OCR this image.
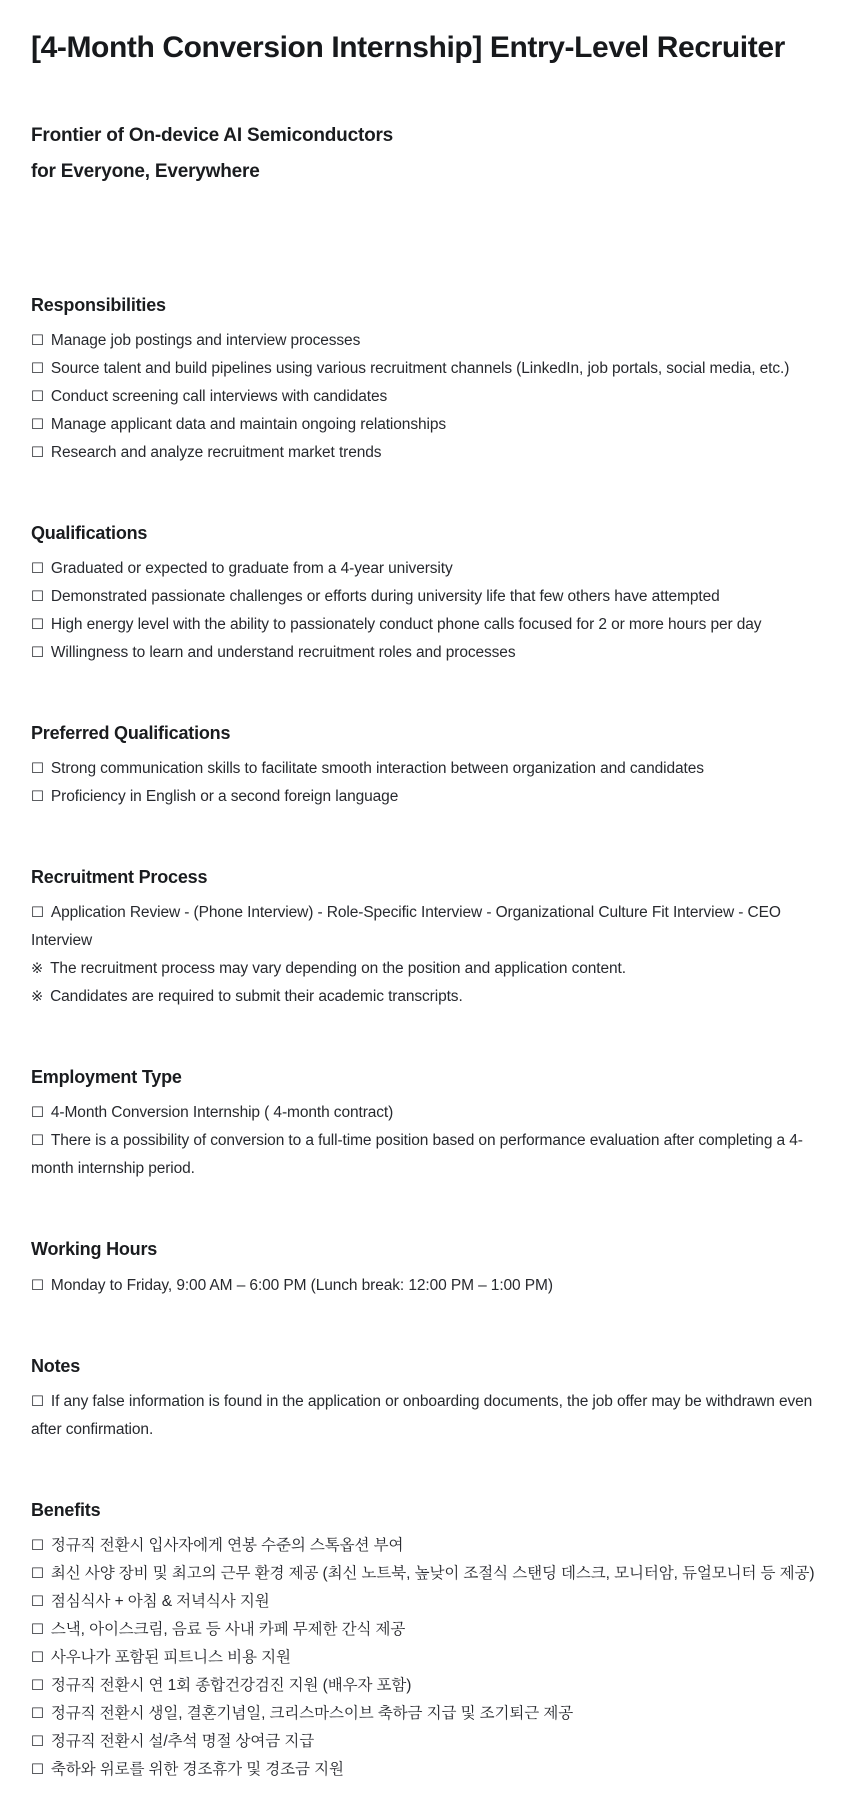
[4-Month Conversion Internship] Entry-Level Recruiter

Frontier of On-device AI Semiconductors
for Everyone, Everywhere

Responsibilities

☐ Manage job postings and interview processes

☐ Source talent and build pipelines using various recruitment channels (LinkedIn, job portals, social media, etc.)

☐ Conduct screening call interviews with candidates

☐ Manage applicant data and maintain ongoing relationships

☐ Research and analyze recruitment market trends

Qualifications

☐ Graduated or expected to graduate from a 4-year university

☐ Demonstrated passionate challenges or efforts during university life that few others have attempted

☐ High energy level with the ability to passionately conduct phone calls focused for 2 or more hours per day

☐ Willingness to learn and understand recruitment roles and processes

Preferred Qualifications

☐ Strong communication skills to facilitate smooth interaction between organization and candidates

☐ Proficiency in English or a second foreign language

Recruitment Process

☐ Application Review - (Phone Interview) - Role-Specific Interview - Organizational Culture Fit Interview - CEO Interview

※ The recruitment process may vary depending on the position and application content.

※ Candidates are required to submit their academic transcripts.

Employment Type

☐ 4-Month Conversion Internship ( 4-month contract)

☐ There is a possibility of conversion to a full-time position based on performance evaluation after completing a 4-month internship period.

Working Hours

☐ Monday to Friday, 9:00 AM – 6:00 PM (Lunch break: 12:00 PM – 1:00 PM)

Notes

☐ If any false information is found in the application or onboarding documents, the job offer may be withdrawn even after confirmation.

Benefits

☐ 정규직 전환시 입사자에게 연봉 수준의 스톡옵션 부여

☐ 최신 사양 장비 및 최고의 근무 환경 제공 (최신 노트북, 높낮이 조절식 스탠딩 데스크, 모니터암, 듀얼모니터 등 제공)

☐ 점심식사 + 아침 & 저녁식사 지원

☐ 스낵, 아이스크림, 음료 등 사내 카페 무제한 간식 제공

☐ 사우나가 포함된 피트니스 비용 지원

☐ 정규직 전환시 연 1회 종합건강검진 지원 (배우자 포함)

☐ 정규직 전환시 생일, 결혼기념일, 크리스마스이브 축하금 지급 및 조기퇴근 제공

☐ 정규직 전환시 설/추석 명절 상여금 지급

☐ 축하와 위로를 위한 경조휴가 및 경조금 지원
